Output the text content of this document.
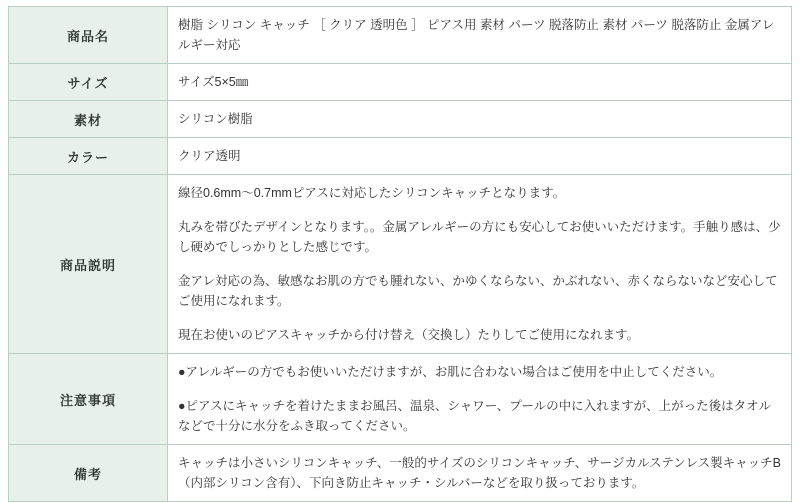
商品名	樹脂 シリコン キャッチ ［ クリア 透明色 ］ ピアス用 素材 パーツ 脱落防止 素材 パーツ 脱落防止 金属アレルギー対応
サイズ	サイズ5×5㎜
素材	シリコン樹脂
カラー	クリア透明
商品説明	線径0.6mm〜0.7mmピアスに対応したシリコンキャッチとなります。

丸みを帯びたデザインとなります。。金属アレルギーの方にも安心してお使いいただけます。手触り感は、少し硬めでしっかりとした感じです。

金アレ対応の為、敏感なお肌の方でも腫れない、かゆくならない、かぶれない、赤くならないなど安心してご使用になれます。

現在お使いのピアスキャッチから付け替え（交換し）たりしてご使用になれます。

注意事項	●アレルギーの方でもお使いいただけますが、お肌に合わない場合はご使用を中止してください。

●ピアスにキャッチを着けたままお風呂、温泉、シャワー、プールの中に入れますが、上がった後はタオルなどで十分に水分をふき取ってください。

備考	キャッチは小さいシリコンキャッチ、一般的サイズのシリコンキャッチ、サージカルステンレス製キャッチB（内部シリコン含有）、下向き防止キャッチ・シルバーなどを取り扱っております。
